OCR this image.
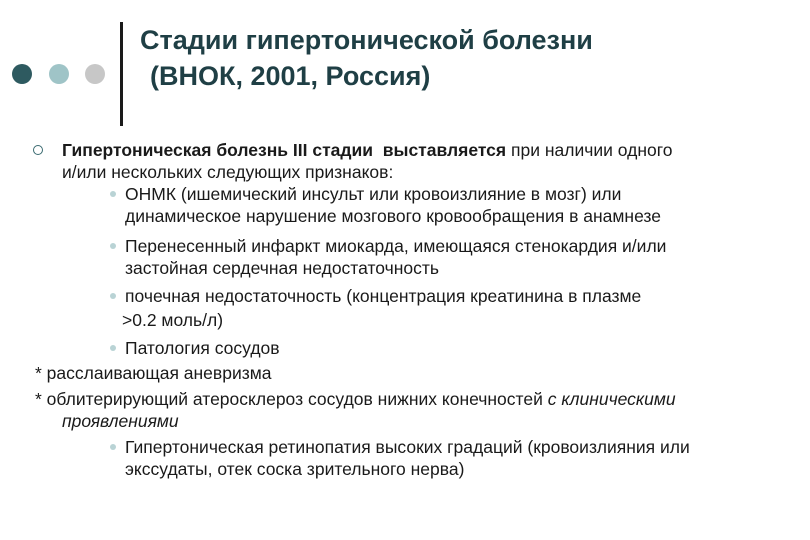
Стадии гипертонической болезни
(ВНОК, 2001, Россия)
Гипертоническая болезнь III стадии выставляется при наличии одного
и/или нескольких следующих признаков:
ОНМК (ишемический инсульт или кровоизлияние в мозг) или
динамическое нарушение мозгового кровообращения в анамнезе
Перенесенный инфаркт миокарда, имеющаяся стенокардия и/или
застойная сердечная недостаточность
почечная недостаточность (концентрация креатинина в плазме
>0.2 моль/л)
Патология сосудов
* расслаивающая аневризма
* облитерирующий атеросклероз сосудов нижних конечностей с клиническими
проявлениями
Гипертоническая ретинопатия высоких градаций (кровоизлияния или
экссудаты, отек соска зрительного нерва)
